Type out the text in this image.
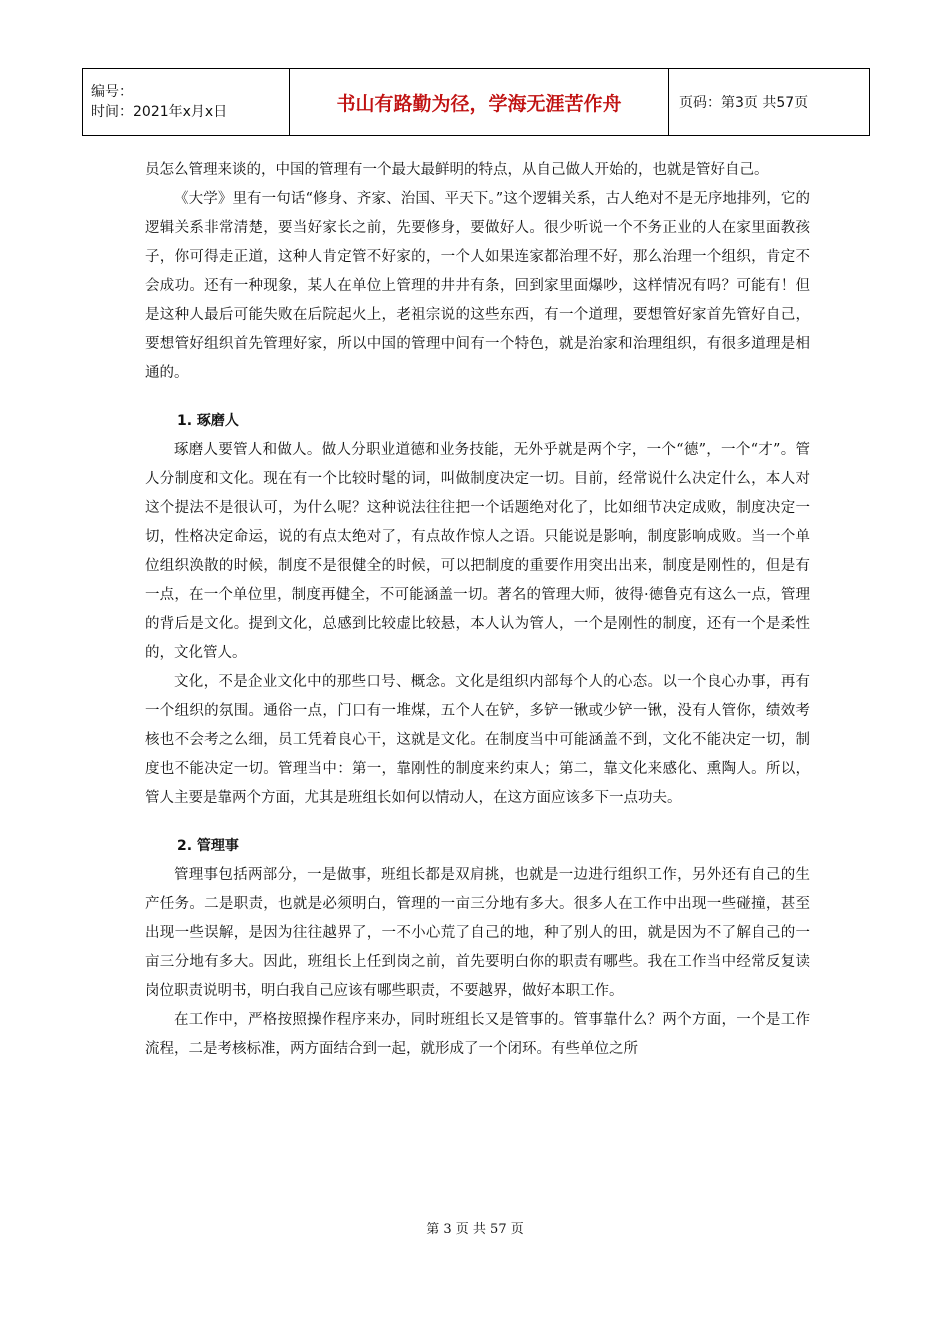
编号：
时间：2021年x月x日	书山有路勤为径，学海无涯苦作舟	页码：第3页 共57页

员怎么管理来谈的，中国的管理有一个最大最鲜明的特点，从自己做人开始的，也就是管好自己。

《大学》里有一句话“修身、齐家、治国、平天下。”这个逻辑关系，古人绝对不是无序地排列，它的逻辑关系非常清楚，要当好家长之前，先要修身，要做好人。很少听说一个不务正业的人在家里面教孩子，你可得走正道，这种人肯定管不好家的，一个人如果连家都治理不好，那么治理一个组织，肯定不会成功。还有一种现象，某人在单位上管理的井井有条，回到家里面爆吵，这样情况有吗？可能有！但是这种人最后可能失败在后院起火上，老祖宗说的这些东西，有一个道理，要想管好家首先管好自己，要想管好组织首先管理好家，所以中国的管理中间有一个特色，就是治家和治理组织，有很多道理是相通的。

1. 琢磨人

琢磨人要管人和做人。做人分职业道德和业务技能，无外乎就是两个字，一个“德”，一个“才”。管人分制度和文化。现在有一个比较时髦的词，叫做制度决定一切。目前，经常说什么决定什么，本人对这个提法不是很认可，为什么呢？这种说法往往把一个话题绝对化了，比如细节决定成败，制度决定一切，性格决定命运，说的有点太绝对了，有点故作惊人之语。只能说是影响，制度影响成败。当一个单位组织涣散的时候，制度不是很健全的时候，可以把制度的重要作用突出出来，制度是刚性的，但是有一点，在一个单位里，制度再健全，不可能涵盖一切。著名的管理大师，彼得·德鲁克有这么一点，管理的背后是文化。提到文化，总感到比较虚比较悬，本人认为管人，一个是刚性的制度，还有一个是柔性的，文化管人。

文化，不是企业文化中的那些口号、概念。文化是组织内部每个人的心态。以一个良心办事，再有一个组织的氛围。通俗一点，门口有一堆煤，五个人在铲，多铲一锹或少铲一锹，没有人管你，绩效考核也不会考之么细，员工凭着良心干，这就是文化。在制度当中可能涵盖不到，文化不能决定一切，制度也不能决定一切。管理当中：第一，靠刚性的制度来约束人；第二，靠文化来感化、熏陶人。所以，管人主要是靠两个方面，尤其是班组长如何以情动人，在这方面应该多下一点功夫。

2. 管理事

管理事包括两部分，一是做事，班组长都是双肩挑，也就是一边进行组织工作，另外还有自己的生产任务。二是职责，也就是必须明白，管理的一亩三分地有多大。很多人在工作中出现一些碰撞，甚至出现一些误解，是因为往往越界了，一不小心荒了自己的地，种了别人的田，就是因为不了解自己的一亩三分地有多大。因此，班组长上任到岗之前，首先要明白你的职责有哪些。我在工作当中经常反复读岗位职责说明书，明白我自己应该有哪些职责，不要越界，做好本职工作。

在工作中，严格按照操作程序来办，同时班组长又是管事的。管事靠什么？两个方面，一个是工作流程，二是考核标准，两方面结合到一起，就形成了一个闭环。有些单位之所

第 3 页 共 57 页
